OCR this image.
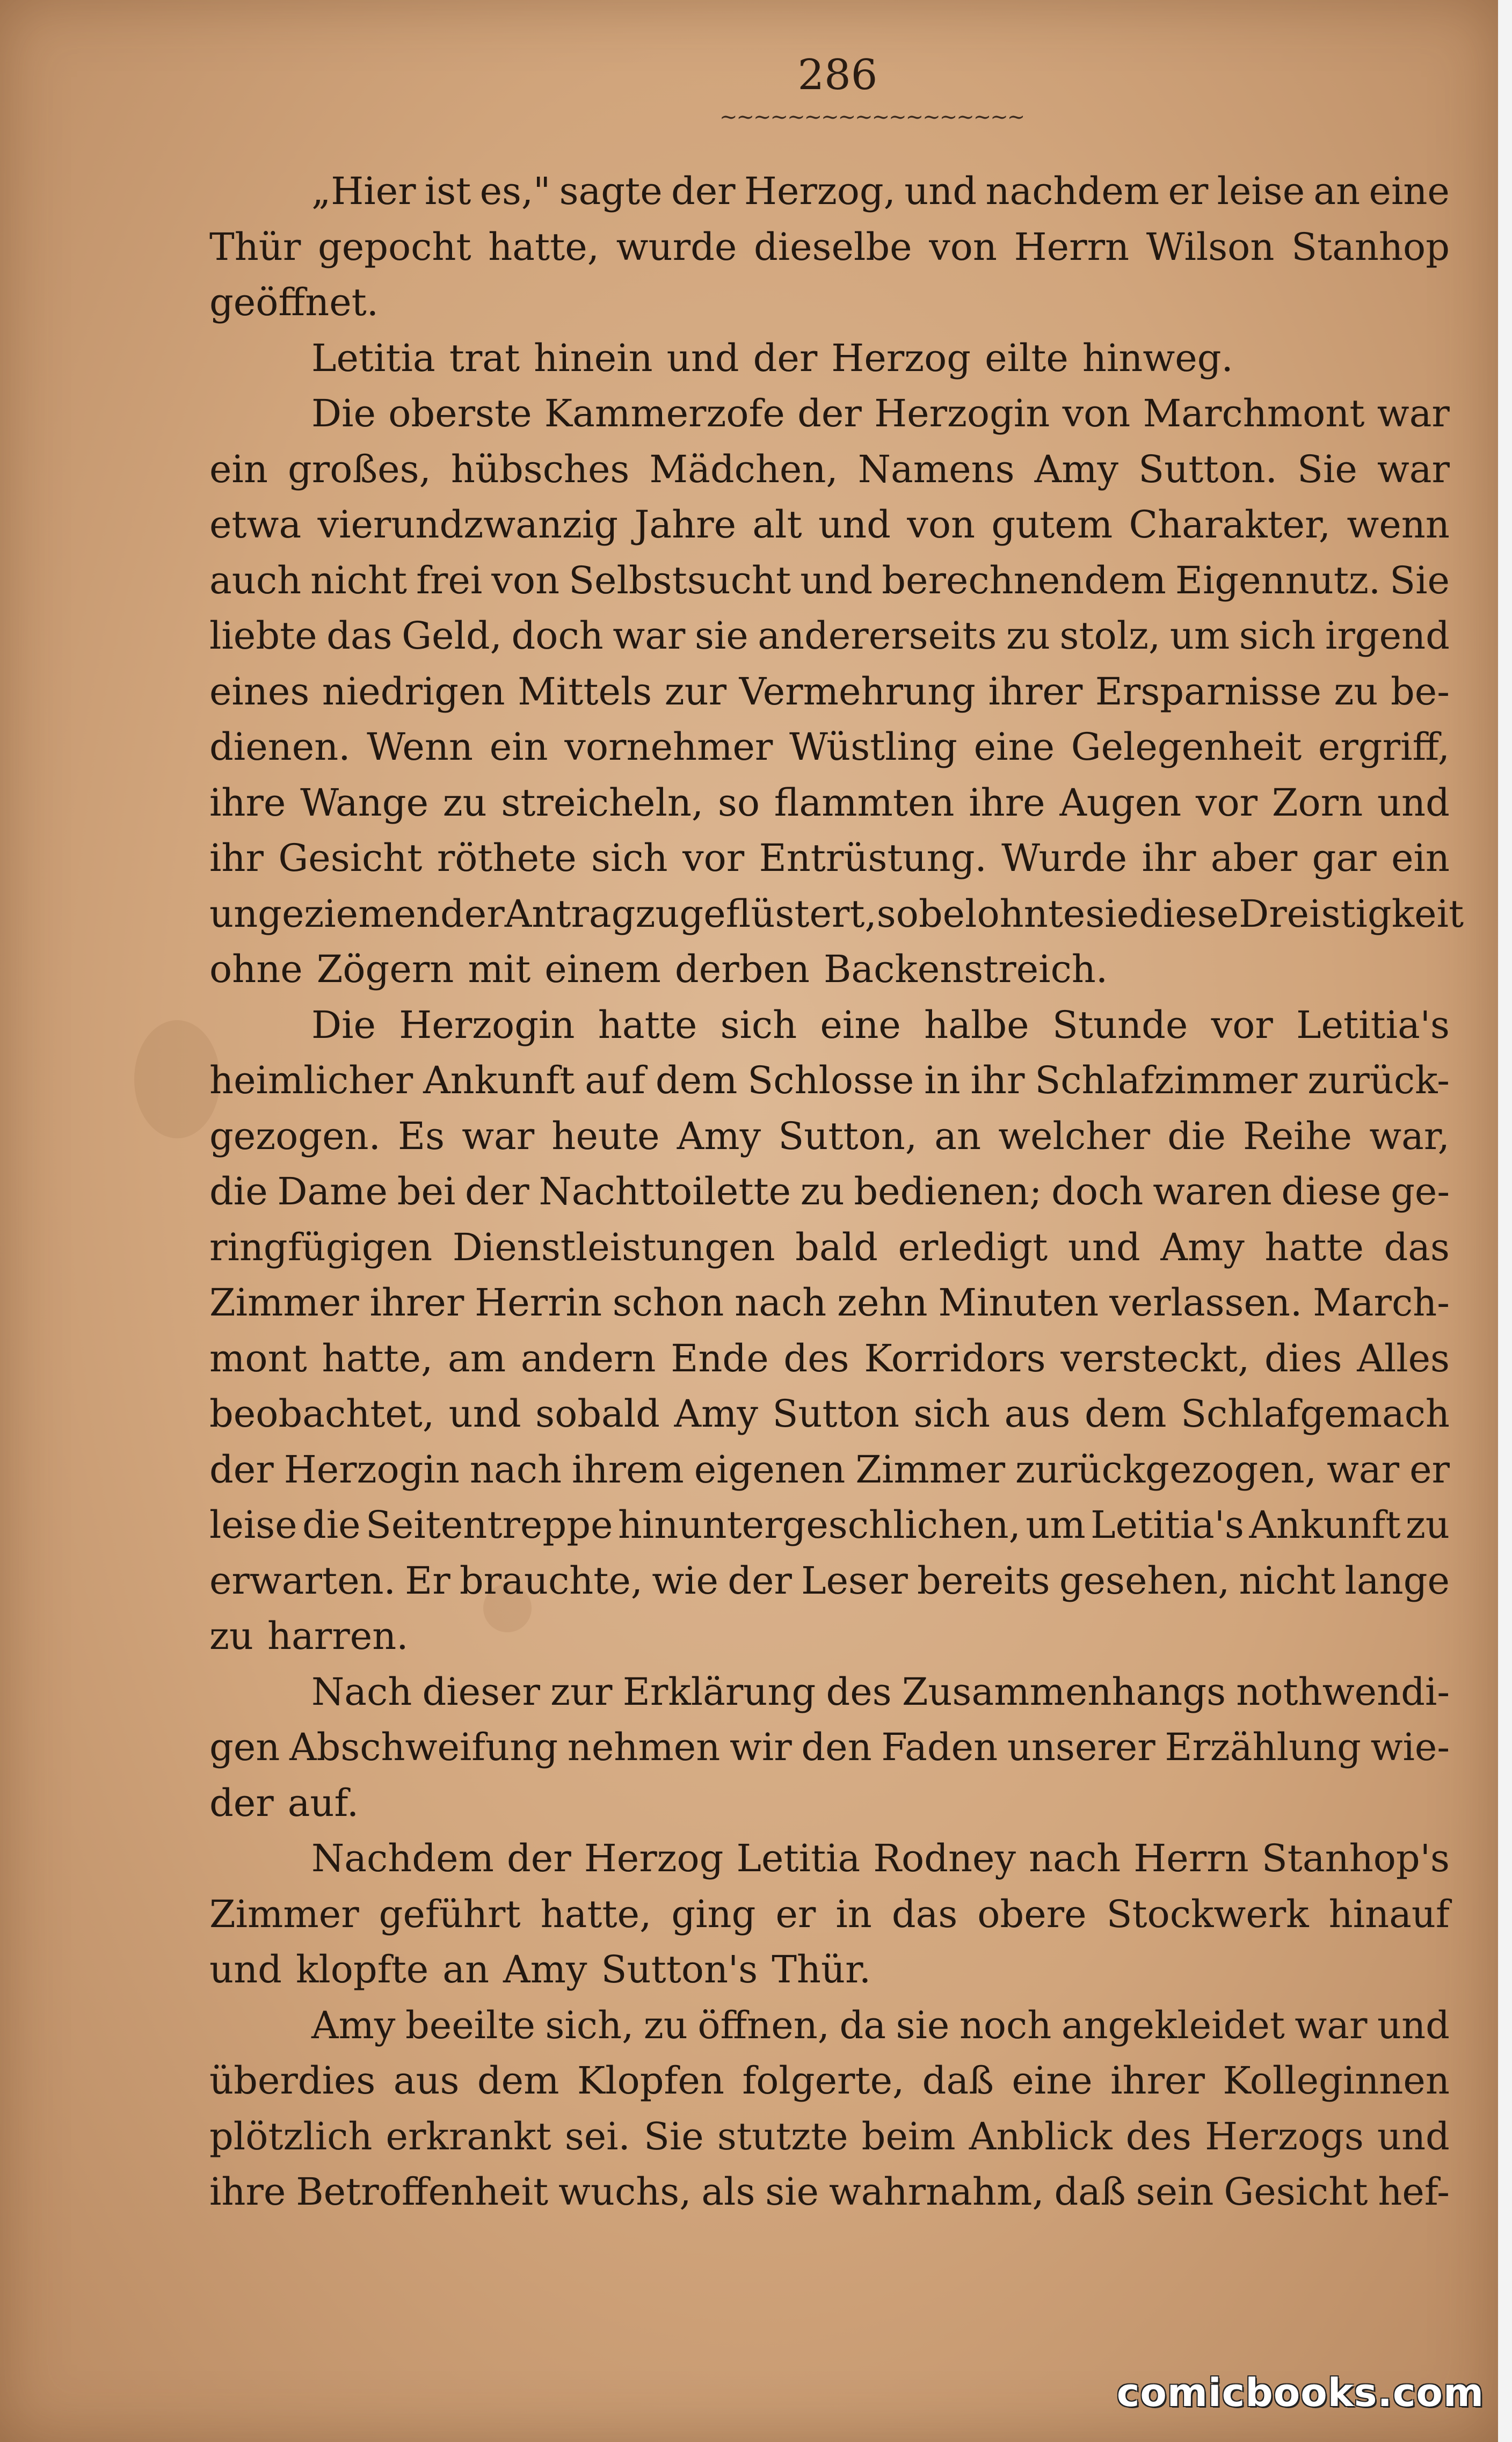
286
~~~~~~~~~~~~~~~~~~
„Hier ist es," sagte der Herzog, und nachdem er leise an eine
Thür gepocht hatte, wurde dieselbe von Herrn Wilson Stanhop
geöffnet.
Letitia trat hinein und der Herzog eilte hinweg.
Die oberste Kammerzofe der Herzogin von Marchmont war
ein großes, hübsches Mädchen, Namens Amy Sutton. Sie war
etwa vierundzwanzig Jahre alt und von gutem Charakter, wenn
auch nicht frei von Selbstsucht und berechnendem Eigennutz. Sie
liebte das Geld, doch war sie andererseits zu stolz, um sich irgend
eines niedrigen Mittels zur Vermehrung ihrer Ersparnisse zu be-
dienen. Wenn ein vornehmer Wüstling eine Gelegenheit ergriff,
ihre Wange zu streicheln, so flammten ihre Augen vor Zorn und
ihr Gesicht röthete sich vor Entrüstung. Wurde ihr aber gar ein
ungeziemender Antrag zugeflüstert, so belohnte sie diese Dreistigkeit
ohne Zögern mit einem derben Backenstreich.
Die Herzogin hatte sich eine halbe Stunde vor Letitia's
heimlicher Ankunft auf dem Schlosse in ihr Schlafzimmer zurück-
gezogen. Es war heute Amy Sutton, an welcher die Reihe war,
die Dame bei der Nachttoilette zu bedienen; doch waren diese ge-
ringfügigen Dienstleistungen bald erledigt und Amy hatte das
Zimmer ihrer Herrin schon nach zehn Minuten verlassen. March-
mont hatte, am andern Ende des Korridors versteckt, dies Alles
beobachtet, und sobald Amy Sutton sich aus dem Schlafgemach
der Herzogin nach ihrem eigenen Zimmer zurückgezogen, war er
leise die Seitentreppe hinuntergeschlichen, um Letitia's Ankunft zu
erwarten. Er brauchte, wie der Leser bereits gesehen, nicht lange
zu harren.
Nach dieser zur Erklärung des Zusammenhangs nothwendi-
gen Abschweifung nehmen wir den Faden unserer Erzählung wie-
der auf.
Nachdem der Herzog Letitia Rodney nach Herrn Stanhop's
Zimmer geführt hatte, ging er in das obere Stockwerk hinauf
und klopfte an Amy Sutton's Thür.
Amy beeilte sich, zu öffnen, da sie noch angekleidet war und
überdies aus dem Klopfen folgerte, daß eine ihrer Kolleginnen
plötzlich erkrankt sei. Sie stutzte beim Anblick des Herzogs und
ihre Betroffenheit wuchs, als sie wahrnahm, daß sein Gesicht hef-
comicbooks.com
